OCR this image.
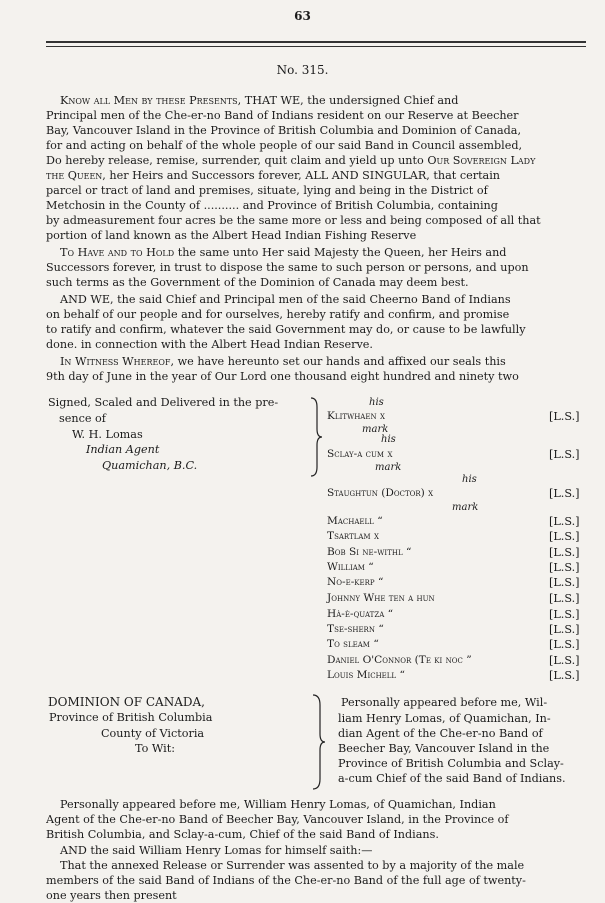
63
No. 315.
Know all Men by these Presents, THAT WE, the undersigned Chief and
Principal men of the Che-er-no Band of Indians resident on our Reserve at Beecher
Bay, Vancouver Island in the Province of British Columbia and Dominion of Canada,
for and acting on behalf of the whole people of our said Band in Council assembled,
Do hereby release, remise, surrender, quit claim and yield up unto Our Sovereign Lady
the Queen, her Heirs and Successors forever, ALL AND SINGULAR, that certain
parcel or tract of land and premises, situate, lying and being in the District of
Metchosin in the County of .......... and Province of British Columbia, containing
by admeasurement four acres be the same more or less and being composed of all that
portion of land known as the Albert Head Indian Fishing Reserve
To Have and to Hold the same unto Her said Majesty the Queen, her Heirs and
Successors forever, in trust to dispose the same to such person or persons, and upon
such terms as the Government of the Dominion of Canada may deem best.
AND WE, the said Chief and Principal men of the said Cheerno Band of Indians
on behalf of our people and for ourselves, hereby ratify and confirm, and promise
to ratify and confirm, whatever the said Government may do, or cause to be lawfully
done. in connection with the Albert Head Indian Reserve.
In Witness Whereof, we have hereunto set our hands and affixed our seals this
9th day of June in the year of Our Lord one thousand eight hundred and ninety two
Signed, Scaled and Delivered in the pre-
sence of
W. H. Lomas
Indian Agent
Quamichan, B.C.
his
mark
his
mark
his
mark
Klitwhaen x
Sclay-a cum x
Staughtun (Doctor) x
Machaell “
Tsartlam x
Bob Si ne-withl “
William “
No-e-kerp “
Johnny Whe ten a hun
Hà-è-quatza “
Tse-shern “
To sleam “
Daniel O'Connor (Te ki noc ”
Louis Michell “
[L.S.]
[L.S.]
[L.S.]
[L.S.]
[L.S.]
[L.S.]
[L.S.]
[L.S.]
[L.S.]
[L.S.]
[L.S.]
[L.S.]
[L.S.]
[L.S.]
DOMINION OF CANADA,
Province of British Columbia
County of Victoria
To Wit:
Personally appeared before me, Wil-
liam Henry Lomas, of Quamichan, In-
dian Agent of the Che-er-no Band of
Beecher Bay, Vancouver Island in the
Province of British Columbia and Sclay-
a-cum Chief of the said Band of Indians.
Personally appeared before me, William Henry Lomas, of Quamichan, Indian
Agent of the Che-er-no Band of Beecher Bay, Vancouver Island, in the Province of
British Columbia, and Sclay-a-cum, Chief of the said Band of Indians.
AND the said William Henry Lomas for himself saith:—
That the annexed Release or Surrender was assented to by a majority of the male
members of the said Band of Indians of the Che-er-no Band of the full age of twenty-
one years then present
